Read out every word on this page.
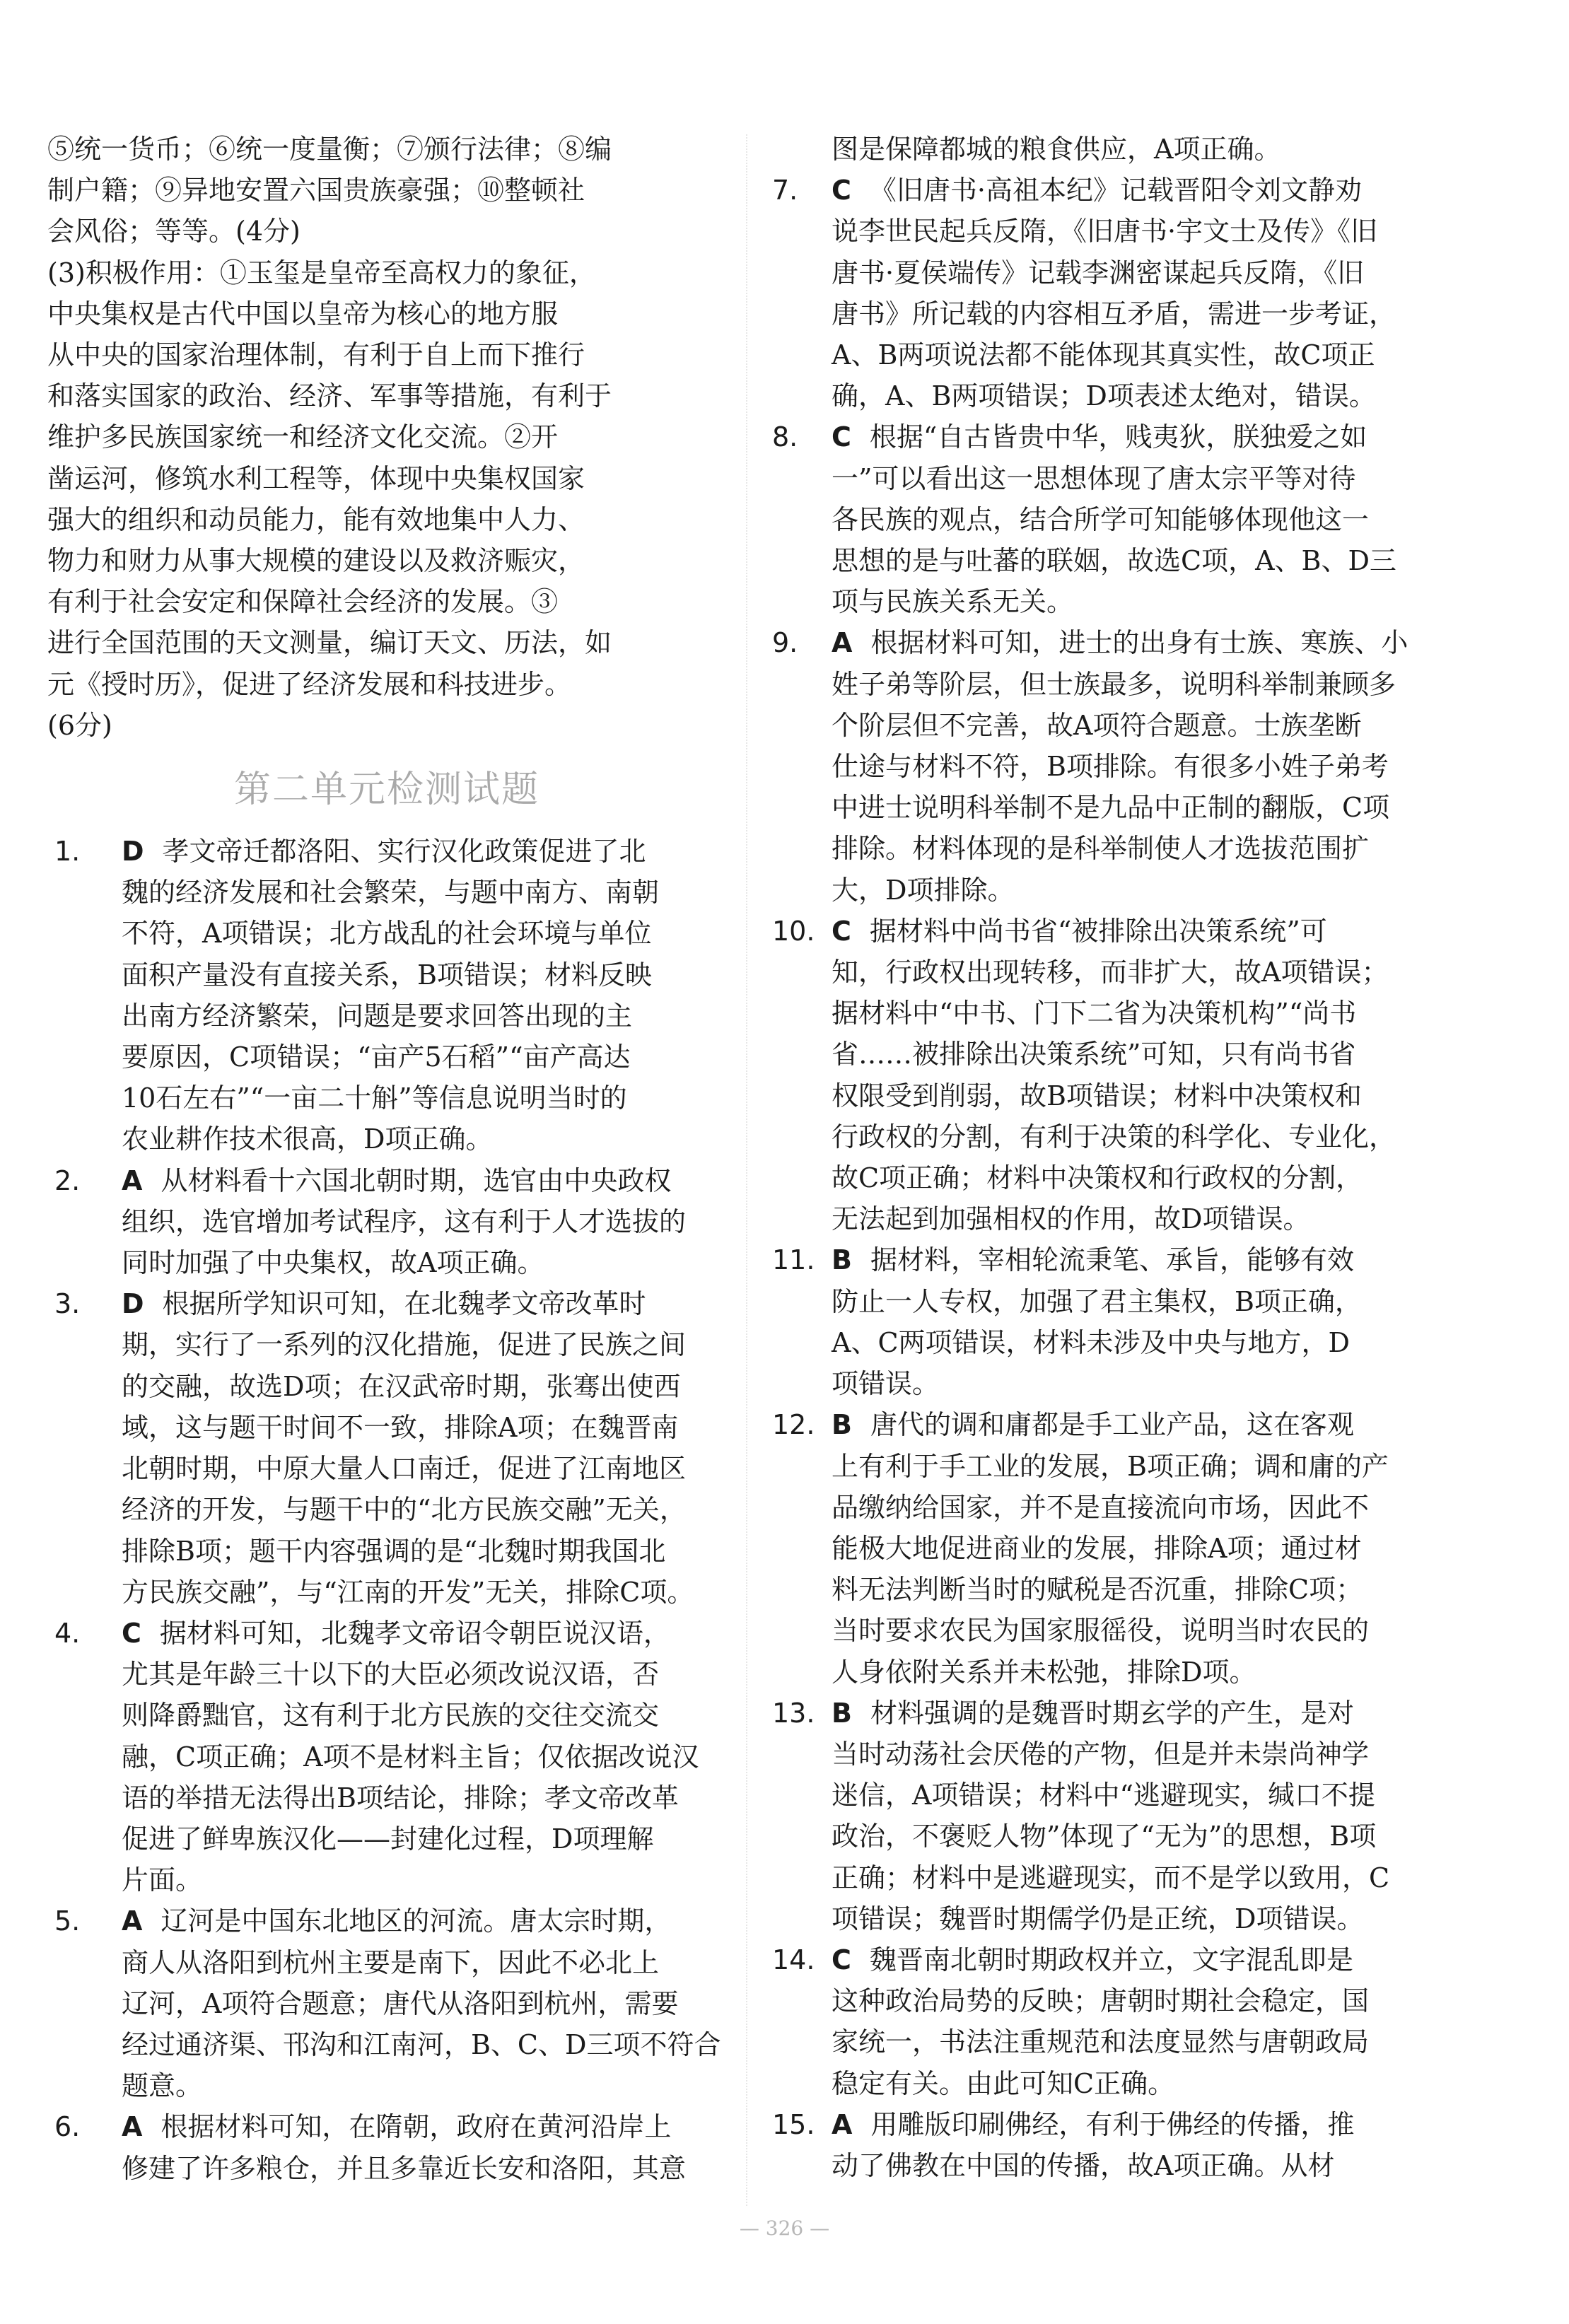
⑤统一货币；⑥统一度量衡；⑦颁行法律；⑧编

制户籍；⑨异地安置六国贵族豪强；⑩整顿社

会风俗；等等。(4分)

(3)积极作用：①玉玺是皇帝至高权力的象征，

中央集权是古代中国以皇帝为核心的地方服

从中央的国家治理体制，有利于自上而下推行

和落实国家的政治、经济、军事等措施，有利于

维护多民族国家统一和经济文化交流。②开

凿运河，修筑水利工程等，体现中央集权国家

强大的组织和动员能力，能有效地集中人力、

物力和财力从事大规模的建设以及救济赈灾，

有利于社会安定和保障社会经济的发展。③

进行全国范围的天文测量，编订天文、历法，如

元《授时历》，促进了经济发展和科技进步。

(6分)

第二单元检测试题

1. D 孝文帝迁都洛阳、实行汉化政策促进了北

魏的经济发展和社会繁荣，与题中南方、南朝

不符，A项错误；北方战乱的社会环境与单位

面积产量没有直接关系，B项错误；材料反映

出南方经济繁荣，问题是要求回答出现的主

要原因，C项错误；“亩产5石稻”“亩产高达

10石左右”“一亩二十斛”等信息说明当时的

农业耕作技术很高，D项正确。

2. A 从材料看十六国北朝时期，选官由中央政权

组织，选官增加考试程序，这有利于人才选拔的

同时加强了中央集权，故A项正确。

3. D 根据所学知识可知，在北魏孝文帝改革时

期，实行了一系列的汉化措施，促进了民族之间

的交融，故选D项；在汉武帝时期，张骞出使西

域，这与题干时间不一致，排除A项；在魏晋南

北朝时期，中原大量人口南迁，促进了江南地区

经济的开发，与题干中的“北方民族交融”无关，

排除B项；题干内容强调的是“北魏时期我国北

方民族交融”，与“江南的开发”无关，排除C项。

4. C 据材料可知，北魏孝文帝诏令朝臣说汉语，

尤其是年龄三十以下的大臣必须改说汉语，否

则降爵黜官，这有利于北方民族的交往交流交

融，C项正确；A项不是材料主旨；仅依据改说汉

语的举措无法得出B项结论，排除；孝文帝改革

促进了鲜卑族汉化——封建化过程，D项理解

片面。

5. A 辽河是中国东北地区的河流。唐太宗时期，

商人从洛阳到杭州主要是南下，因此不必北上

辽河，A项符合题意；唐代从洛阳到杭州，需要

经过通济渠、邗沟和江南河，B、C、D三项不符合

题意。

6. A 根据材料可知，在隋朝，政府在黄河沿岸上

修建了许多粮仓，并且多靠近长安和洛阳，其意

图是保障都城的粮食供应，A项正确。

7. C 《旧唐书·高祖本纪》记载晋阳令刘文静劝

说李世民起兵反隋，《旧唐书·宇文士及传》《旧

唐书·夏侯端传》记载李渊密谋起兵反隋，《旧

唐书》所记载的内容相互矛盾，需进一步考证，

A、B两项说法都不能体现其真实性，故C项正

确，A、B两项错误；D项表述太绝对，错误。

8. C 根据“自古皆贵中华，贱夷狄，朕独爱之如

一”可以看出这一思想体现了唐太宗平等对待

各民族的观点，结合所学可知能够体现他这一

思想的是与吐蕃的联姻，故选C项，A、B、D三

项与民族关系无关。

9. A 根据材料可知，进士的出身有士族、寒族、小

姓子弟等阶层，但士族最多，说明科举制兼顾多

个阶层但不完善，故A项符合题意。士族垄断

仕途与材料不符，B项排除。有很多小姓子弟考

中进士说明科举制不是九品中正制的翻版，C项

排除。材料体现的是科举制使人才选拔范围扩

大，D项排除。

10. C 据材料中尚书省“被排除出决策系统”可

知，行政权出现转移，而非扩大，故A项错误；

据材料中“中书、门下二省为决策机构”“尚书

省……被排除出决策系统”可知，只有尚书省

权限受到削弱，故B项错误；材料中决策权和

行政权的分割，有利于决策的科学化、专业化，

故C项正确；材料中决策权和行政权的分割，

无法起到加强相权的作用，故D项错误。

11. B 据材料，宰相轮流秉笔、承旨，能够有效

防止一人专权，加强了君主集权，B项正确，

A、C两项错误，材料未涉及中央与地方，D

项错误。

12. B 唐代的调和庸都是手工业产品，这在客观

上有利于手工业的发展，B项正确；调和庸的产

品缴纳给国家，并不是直接流向市场，因此不

能极大地促进商业的发展，排除A项；通过材

料无法判断当时的赋税是否沉重，排除C项；

当时要求农民为国家服徭役，说明当时农民的

人身依附关系并未松弛，排除D项。

13. B 材料强调的是魏晋时期玄学的产生，是对

当时动荡社会厌倦的产物，但是并未崇尚神学

迷信，A项错误；材料中“逃避现实，缄口不提

政治，不褒贬人物”体现了“无为”的思想，B项

正确；材料中是逃避现实，而不是学以致用，C

项错误；魏晋时期儒学仍是正统，D项错误。

14. C 魏晋南北朝时期政权并立，文字混乱即是

这种政治局势的反映；唐朝时期社会稳定，国

家统一，书法注重规范和法度显然与唐朝政局

稳定有关。由此可知C正确。

15. A 用雕版印刷佛经，有利于佛经的传播，推

动了佛教在中国的传播，故A项正确。从材

— 326 —
